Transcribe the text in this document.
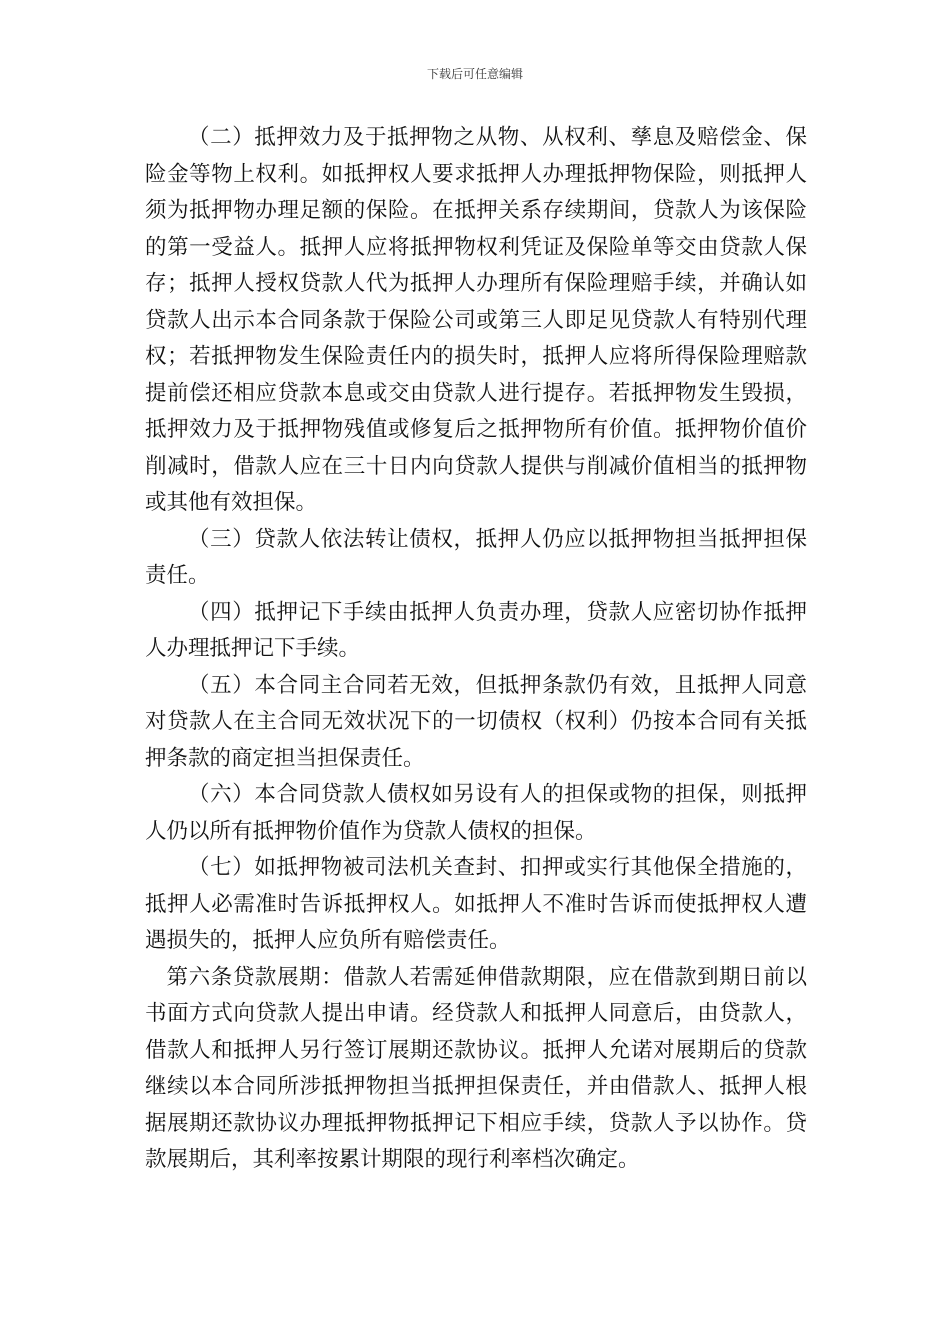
下载后可任意编辑

（二）抵押效力及于抵押物之从物、从权利、孳息及赔偿金、保险金等物上权利。如抵押权人要求抵押人办理抵押物保险，则抵押人须为抵押物办理足额的保险。在抵押关系存续期间，贷款人为该保险的第一受益人。抵押人应将抵押物权利凭证及保险单等交由贷款人保存；抵押人授权贷款人代为抵押人办理所有保险理赔手续，并确认如贷款人出示本合同条款于保险公司或第三人即足见贷款人有特别代理权；若抵押物发生保险责任内的损失时，抵押人应将所得保险理赔款提前偿还相应贷款本息或交由贷款人进行提存。若抵押物发生毁损，抵押效力及于抵押物残值或修复后之抵押物所有价值。抵押物价值价削减时，借款人应在三十日内向贷款人提供与削减价值相当的抵押物或其他有效担保。

（三）贷款人依法转让债权，抵押人仍应以抵押物担当抵押担保责任。

（四）抵押记下手续由抵押人负责办理，贷款人应密切协作抵押人办理抵押记下手续。

（五）本合同主合同若无效，但抵押条款仍有效，且抵押人同意对贷款人在主合同无效状况下的一切债权（权利）仍按本合同有关抵押条款的商定担当担保责任。

（六）本合同贷款人债权如另设有人的担保或物的担保，则抵押人仍以所有抵押物价值作为贷款人债权的担保。

（七）如抵押物被司法机关查封、扣押或实行其他保全措施的，抵押人必需准时告诉抵押权人。如抵押人不准时告诉而使抵押权人遭遇损失的，抵押人应负所有赔偿责任。

第六条贷款展期：借款人若需延伸借款期限，应在借款到期日前以书面方式向贷款人提出申请。经贷款人和抵押人同意后，由贷款人，借款人和抵押人另行签订展期还款协议。抵押人允诺对展期后的贷款继续以本合同所涉抵押物担当抵押担保责任，并由借款人、抵押人根据展期还款协议办理抵押物抵押记下相应手续，贷款人予以协作。贷款展期后，其利率按累计期限的现行利率档次确定。
